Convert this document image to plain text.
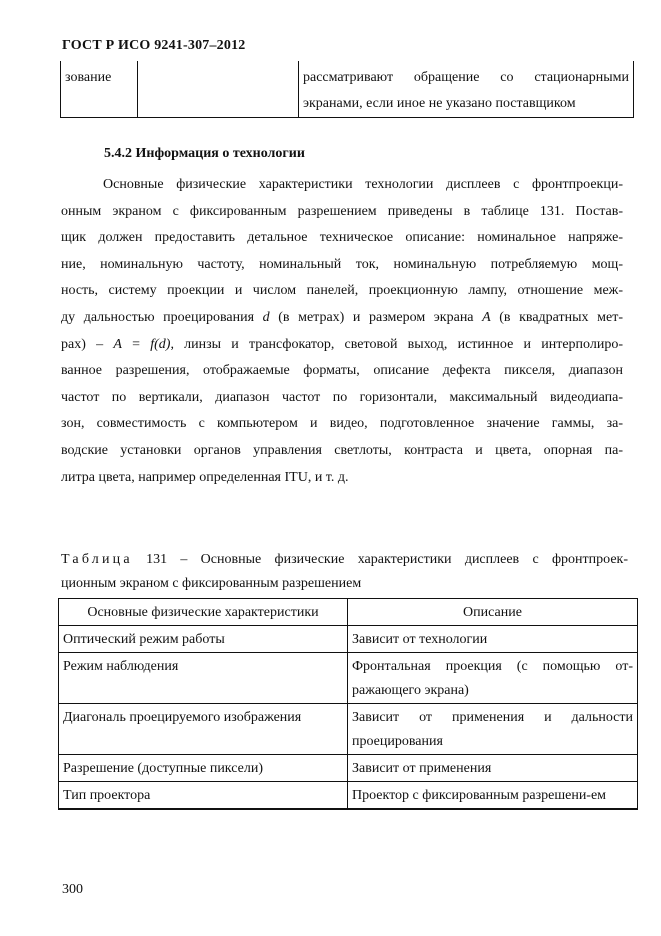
ГОСТ Р ИСО 9241-307–2012
зование		рассматривают обращение со стационарными
экранами, если иное не указано поставщиком
5.4.2 Информация о технологии
Основные физические характеристики технологии дисплеев с фронтпроекци-
онным экраном с фиксированным разрешением приведены в таблице 131. Постав-
щик должен предоставить детальное техническое описание: номинальное напряже-
ние, номинальную частоту, номинальный ток, номинальную потребляемую мощ-
ность, систему проекции и числом панелей, проекционную лампу, отношение меж-
ду дальностью проецирования d (в метрах) и размером экрана A (в квадратных мет-
рах) – A = f(d), линзы и трансфокатор, световой выход, истинное и интерполиро-
ванное разрешения, отображаемые форматы, описание дефекта пикселя, диапазон
частот по вертикали, диапазон частот по горизонтали, максимальный видеодиапа-
зон, совместимость с компьютером и видео, подготовленное значение гаммы, за-
водские установки органов управления светлоты, контраста и цвета, опорная па-
литра цвета, например определенная ITU, и т. д.
Таблица 131 – Основные физические характеристики дисплеев с фронтпроек-
ционным экраном с фиксированным разрешением
Основные физические характеристики	Описание
Оптический режим работы	Зависит от технологии
Режим наблюдения	Фронтальная проекция (с помощью от-ражающего экрана)
Диагональ проецируемого изображения	Зависит от применения и дальности проецирования
Разрешение (доступные пиксели)	Зависит от применения
Тип проектора	Проектор с фиксированным разрешени-ем
300
